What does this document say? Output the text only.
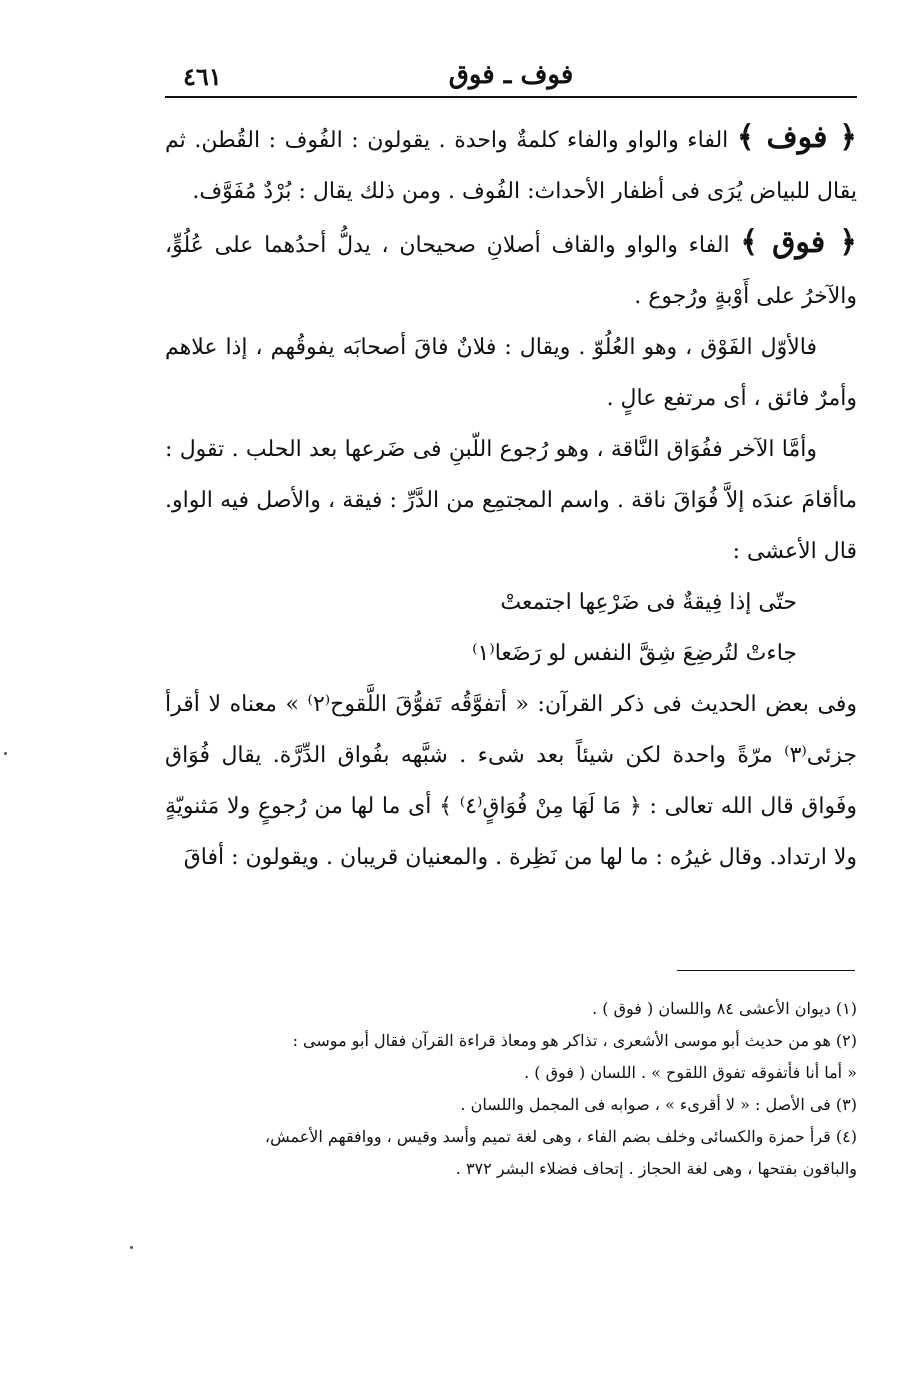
٤٦١	فوف ـ فوق

﴿ فوف ﴾ الفاء والواو والفاء كلمةٌ واحدة . يقولون : الفُوف : القُطن. ثم يقال للبياض يُرَى فى أظفار الأحداث: الفُوف . ومن ذلك يقال : بُرْدٌ مُفَوَّف.

﴿ فوق ﴾ الفاء والواو والقاف أصلانِ صحيحان ، يدلُّ أحدُهما على عُلُوٍّ، والآخرُ على أَوْبةٍ ورُجوع .

فالأوّل الفَوْق ، وهو العُلُوّ . ويقال : فلانٌ فاقَ أصحابَه يفوقُهم ، إذا علاهم وأمرٌ فائق ، أى مرتفع عالٍ .

وأمَّا الآخر ففُوَاق النَّاقة ، وهو رُجوع اللّبنِ فى ضَرعها بعد الحلب . تقول : ماأقامَ عندَه إلاَّ فُوَاقَ ناقة . واسم المجتمِع من الدَّرِّ : فيقة ، والأصل فيه الواو. قال الأعشى :

حتّى إذا فِيقةٌ فى ضَرْعِها اجتمعتْ

جاءتْ لتُرضِعَ شِقَّ النفس لو رَضَعا⁽١⁾

وفى بعض الحديث فى ذكر القرآن: « أتفوَّقُه تَفوُّقَ اللَّقوح⁽٢⁾ » معناه لا أقرأ جزئى⁽٣⁾ مرّةً واحدة لكن شيئاً بعد شىء . شبَّهه بفُواق الدِّرَّة. يقال فُوَاق وفَواق قال الله تعالى : ﴿ مَا لَهَا مِنْ فُوَاقٍ⁽٤⁾ ﴾ أى ما لها من رُجوعٍ ولا مَثنويّةٍ ولا ارتداد. وقال غيرُه : ما لها من نَظِرة . والمعنيان قريبان . ويقولون : أفاقَ

(١) ديوان الأعشى ٨٤ واللسان ( فوق ) .

(٢) هو من حديث أبو موسى الأشعرى ، تذاكر هو ومعاذ قراءة القرآن فقال أبو موسى :

« أما أنا فأتفوقه تفوق اللقوح » . اللسان ( فوق ) .

(٣) فى الأصل : « لا أقرىء » ، صوابه فى المجمل واللسان .

(٤) قرأ حمزة والكسائى وخلف بضم الفاء ، وهى لغة تميم وأسد وقيس ، ووافقهم الأعمش،

والباقون بفتحها ، وهى لغة الحجاز . إتحاف فضلاء البشر ٣٧٢ .
